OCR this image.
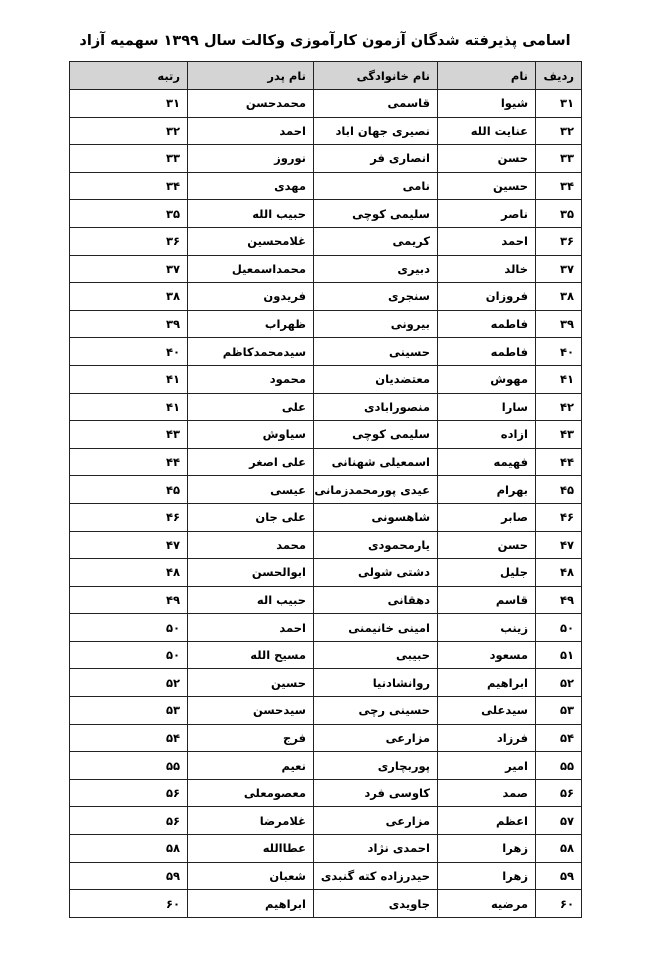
اسامی پذیرفته شدگان آزمون کارآموزی وکالت سال ۱۳۹۹ سهمیه آزاد
ردیف	نام	نام خانوادگی	نام پدر	رتبه
۳۱	شیوا	قاسمی	محمدحسن	۳۱
۳۲	عنایت الله	نصیری جهان اباد	احمد	۳۲
۳۳	حسن	انصاری فر	نوروز	۳۳
۳۴	حسین	نامی	مهدی	۳۴
۳۵	ناصر	سلیمی کوچی	حبیب الله	۳۵
۳۶	احمد	کریمی	غلامحسین	۳۶
۳۷	خالد	دبیری	محمداسمعیل	۳۷
۳۸	فروزان	سنجری	فریدون	۳۸
۳۹	فاطمه	بیرونی	ظهراب	۳۹
۴۰	فاطمه	حسینی	سیدمحمدکاظم	۴۰
۴۱	مهوش	معتضدیان	محمود	۴۱
۴۲	سارا	منصورابادی	علی	۴۱
۴۳	ازاده	سلیمی کوچی	سیاوش	۴۳
۴۴	فهیمه	اسمعیلی شهنانی	علی اصغر	۴۴
۴۵	بهرام	عیدی پورمحمدزمانی	عیسی	۴۵
۴۶	صابر	شاهسونی	علی جان	۴۶
۴۷	حسن	یارمحمودی	محمد	۴۷
۴۸	جلیل	دشتی شولی	ابوالحسن	۴۸
۴۹	قاسم	دهقانی	حبیب اله	۴۹
۵۰	زینب	امینی خانیمنی	احمد	۵۰
۵۱	مسعود	حبیبی	مسیح الله	۵۰
۵۲	ابراهیم	روانشادنیا	حسین	۵۲
۵۳	سیدعلی	حسینی رچی	سیدحسن	۵۳
۵۴	فرزاد	مزارعی	فرج	۵۴
۵۵	امیر	پوربچاری	نعیم	۵۵
۵۶	صمد	کاوسی فرد	معصومعلی	۵۶
۵۷	اعظم	مزارعی	غلامرضا	۵۶
۵۸	زهرا	احمدی نژاد	عطاالله	۵۸
۵۹	زهرا	حیدرزاده کته گنبدی	شعبان	۵۹
۶۰	مرضیه	جاویدی	ابراهیم	۶۰
